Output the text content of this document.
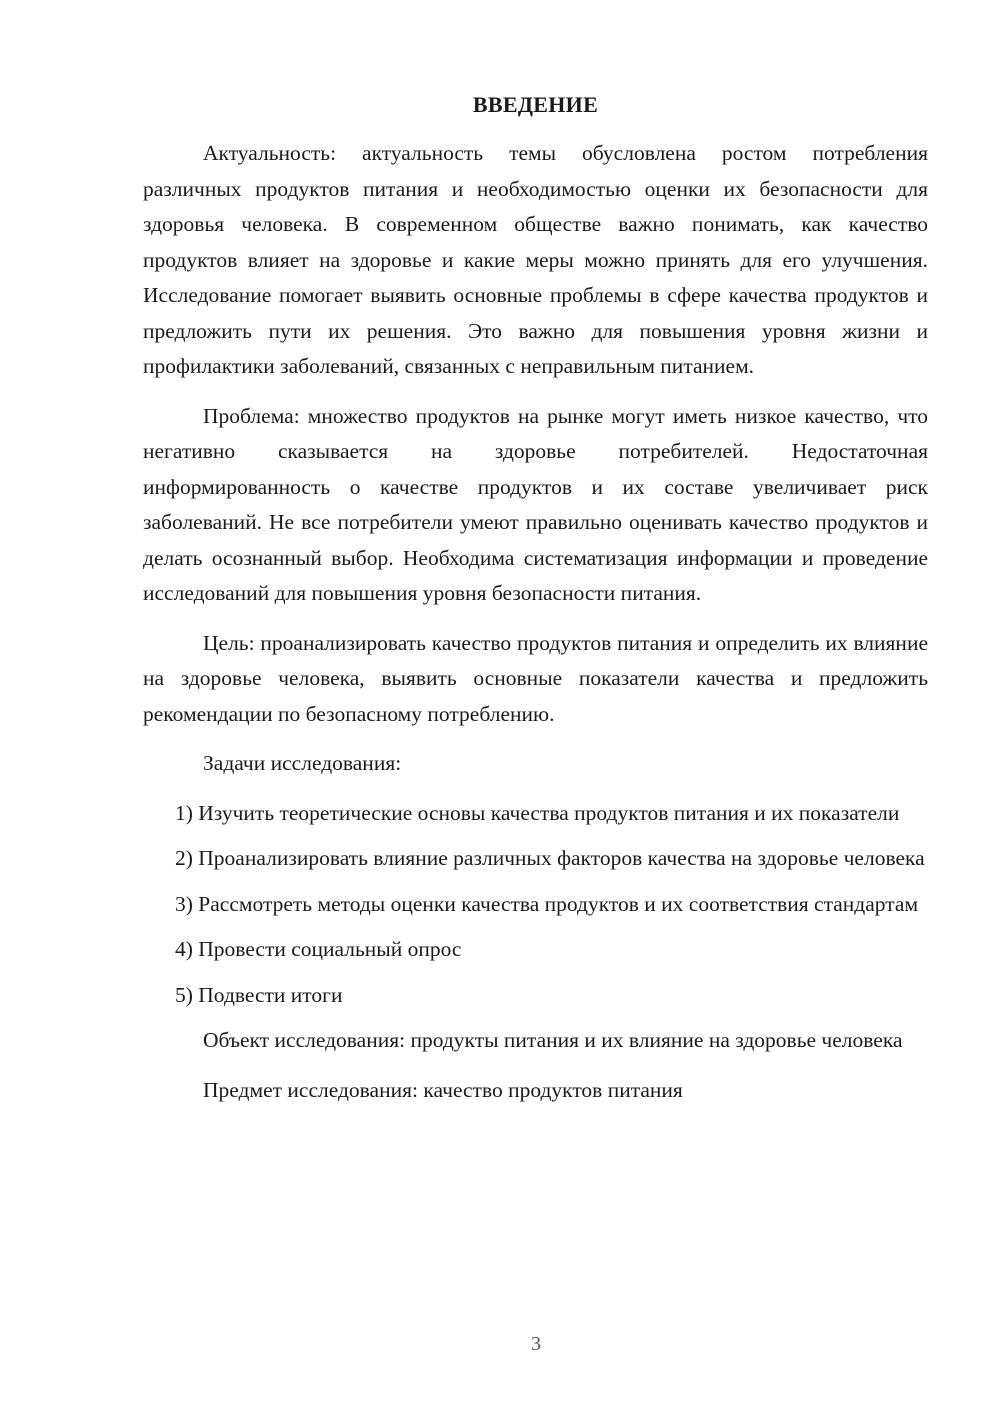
ВВЕДЕНИЕ

Актуальность: актуальность темы обусловлена ростом потребления различных продуктов питания и необходимостью оценки их безопасности для здоровья человека. В современном обществе важно понимать, как качество продуктов влияет на здоровье и какие меры можно принять для его улучшения. Исследование помогает выявить основные проблемы в сфере качества продуктов и предложить пути их решения. Это важно для повышения уровня жизни и профилактики заболеваний, связанных с неправильным питанием.

Проблема: множество продуктов на рынке могут иметь низкое качество, что негативно сказывается на здоровье потребителей. Недостаточная информированность о качестве продуктов и их составе увеличивает риск заболеваний. Не все потребители умеют правильно оценивать качество продуктов и делать осознанный выбор. Необходима систематизация информации и проведение исследований для повышения уровня безопасности питания.

Цель: проанализировать качество продуктов питания и определить их влияние на здоровье человека, выявить основные показатели качества и предложить рекомендации по безопасному потреблению.

Задачи исследования:

1) Изучить теоретические основы качества продуктов питания и их показатели

2) Проанализировать влияние различных факторов качества на здоровье человека

3) Рассмотреть методы оценки качества продуктов и их соответствия стандартам

4) Провести социальный опрос

5) Подвести итоги

Объект исследования: продукты питания и их влияние на здоровье человека

Предмет исследования: качество продуктов питания

3
